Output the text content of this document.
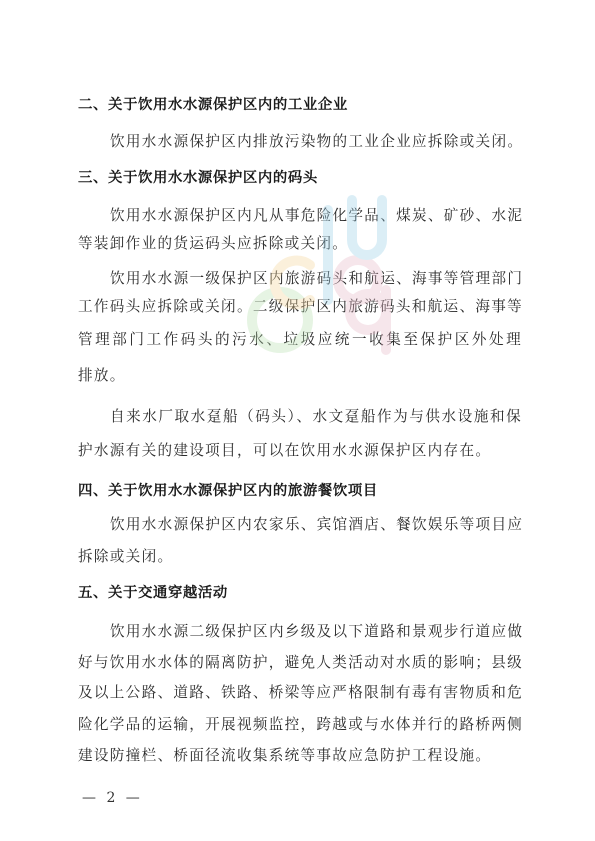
二、关于饮用水水源保护区内的工业企业
饮用水水源保护区内排放污染物的工业企业应拆除或关闭。
三、关于饮用水水源保护区内的码头
饮用水水源保护区内凡从事危险化学品、煤炭、矿砂、水泥
等装卸作业的货运码头应拆除或关闭。
饮用水水源一级保护区内旅游码头和航运、海事等管理部门
工作码头应拆除或关闭。二级保护区内旅游码头和航运、海事等
管理部门工作码头的污水、垃圾应统一收集至保护区外处理
排放。
自来水厂取水趸船（码头）、水文趸船作为与供水设施和保
护水源有关的建设项目，可以在饮用水水源保护区内存在。
四、关于饮用水水源保护区内的旅游餐饮项目
饮用水水源保护区内农家乐、宾馆酒店、餐饮娱乐等项目应
拆除或关闭。
五、关于交通穿越活动
饮用水水源二级保护区内乡级及以下道路和景观步行道应做
好与饮用水水体的隔离防护，避免人类活动对水质的影响；县级
及以上公路、道路、铁路、桥梁等应严格限制有毒有害物质和危
险化学品的运输，开展视频监控，跨越或与水体并行的路桥两侧
建设防撞栏、桥面径流收集系统等事故应急防护工程设施。
— 2 —
